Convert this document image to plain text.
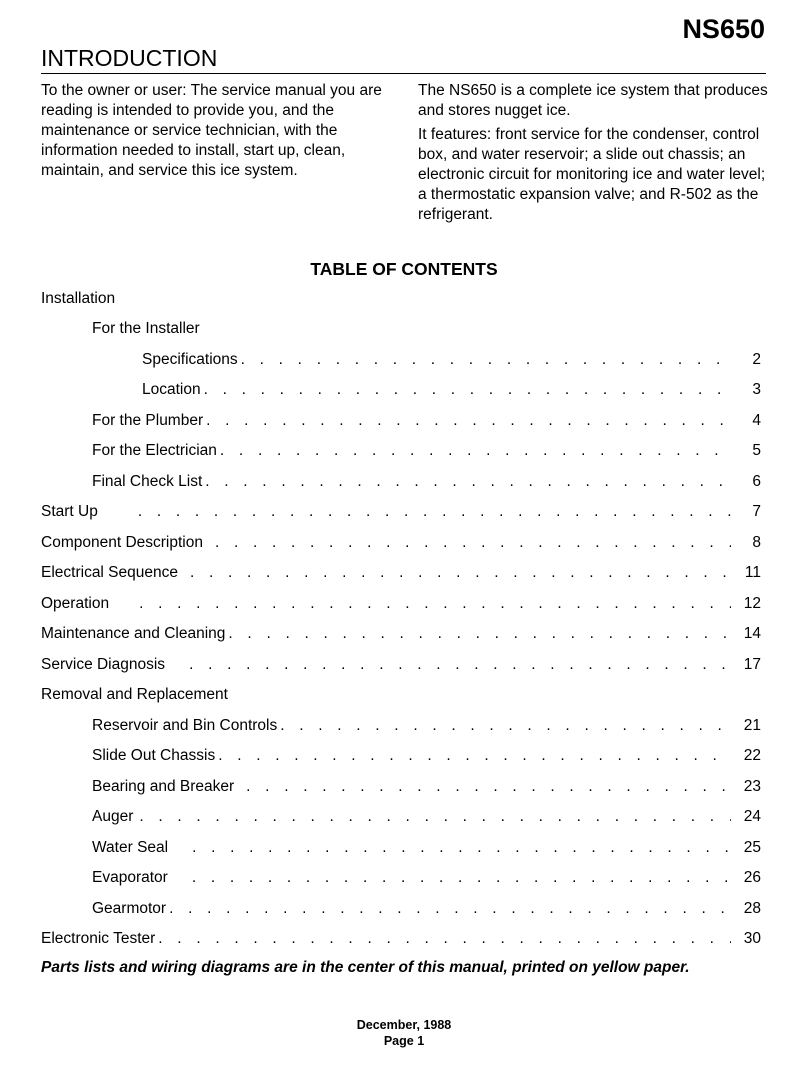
NS650
INTRODUCTION

To the owner or user: The service manual you are reading is intended to provide you, and the maintenance or service technician, with the information needed to install, start up, clean, maintain, and service this ice system.

The NS650 is a complete ice system that produces and stores nugget ice.

It features: front service for the condenser, control box, and water reservoir; a slide out chassis; an electronic circuit for monitoring ice and water level; a thermostatic expansion valve; and R-502 as the refrigerant.

TABLE OF CONTENTS
Installation
For the Installer
Specifications . . .	2
Location . . .	3
For the Plumber . . .	4
For the Electrician . . .	5
Final Check List . . .	6
Start Up . . .	7
Component Description . . .	8
Electrical Sequence . . .	11
Operation . . .	12
Maintenance and Cleaning . . .	14
Service Diagnosis . . .	17
Removal and Replacement
Reservoir and Bin Controls . . .	21
Slide Out Chassis . . .	22
Bearing and Breaker . . .	23
Auger . . .	24
Water Seal . . .	25
Evaporator . . .	26
Gearmotor . . .	28
Electronic Tester . . .	30
Parts lists and wiring diagrams are in the center of this manual, printed on yellow paper.
December, 1988
Page 1
